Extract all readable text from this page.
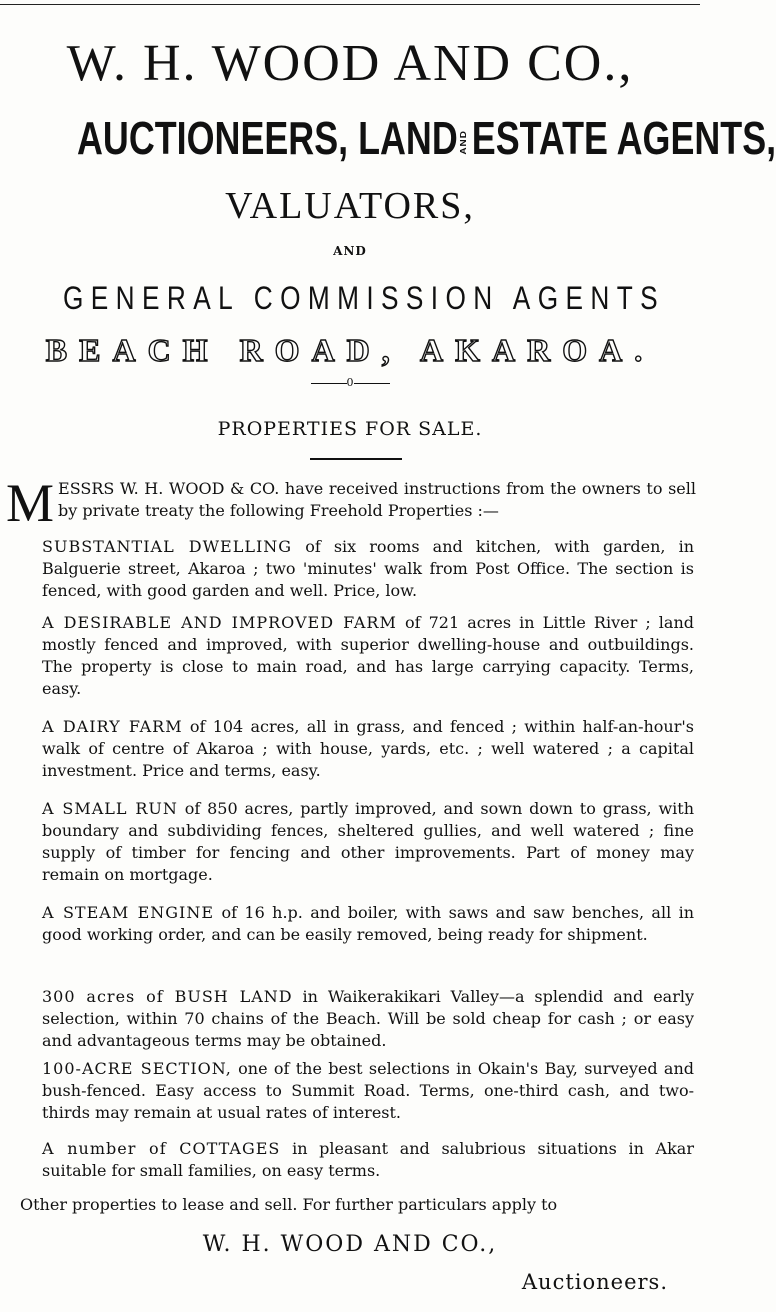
W. H. WOOD AND CO.,
AUCTIONEERS, LAND ANDESTATE AGENTS,
VALUATORS,
AND
GENERAL COMMISSION AGENTS
BEACH ROAD, AKAROA.
0
PROPERTIES FOR SALE.
M ESSRS W. H. WOOD & CO. have received instructions from the owners to sell by private treaty the following Freehold Properties :—

SUBSTANTIAL DWELLING of six rooms and kitchen, with garden, in Balguerie street, Akaroa ; two 'minutes' walk from Post Office. The section is fenced, with good garden and well. Price, low.

A DESIRABLE AND IMPROVED FARM of 721 acres in Little River ; land mostly fenced and improved, with superior dwelling-house and outbuildings. The property is close to main road, and has large carrying capacity. Terms, easy.

A DAIRY FARM of 104 acres, all in grass, and fenced ; within half-an-hour's walk of centre of Akaroa ; with house, yards, etc. ; well watered ; a capital investment. Price and terms, easy.

A SMALL RUN of 850 acres, partly improved, and sown down to grass, with boundary and subdividing fences, sheltered gullies, and well watered ; fine supply of timber for fencing and other improvements. Part of money may remain on mortgage.

A STEAM ENGINE of 16 h.p. and boiler, with saws and saw benches, all in good working order, and can be easily removed, being ready for shipment.

300 acres of BUSH LAND in Waikerakikari Valley—a splendid and early selection, within 70 chains of the Beach. Will be sold cheap for cash ; or easy and advantageous terms may be obtained.

100-ACRE SECTION, one of the best selections in Okain's Bay, surveyed and bush-fenced. Easy access to Summit Road. Terms, one-third cash, and two-thirds may remain at usual rates of interest.

A number of COTTAGES in pleasant and salubrious situations in Akar suitable for small families, on easy terms.

Other properties to lease and sell. For further particulars apply to
W. H. WOOD AND CO.,
Auctioneers.
